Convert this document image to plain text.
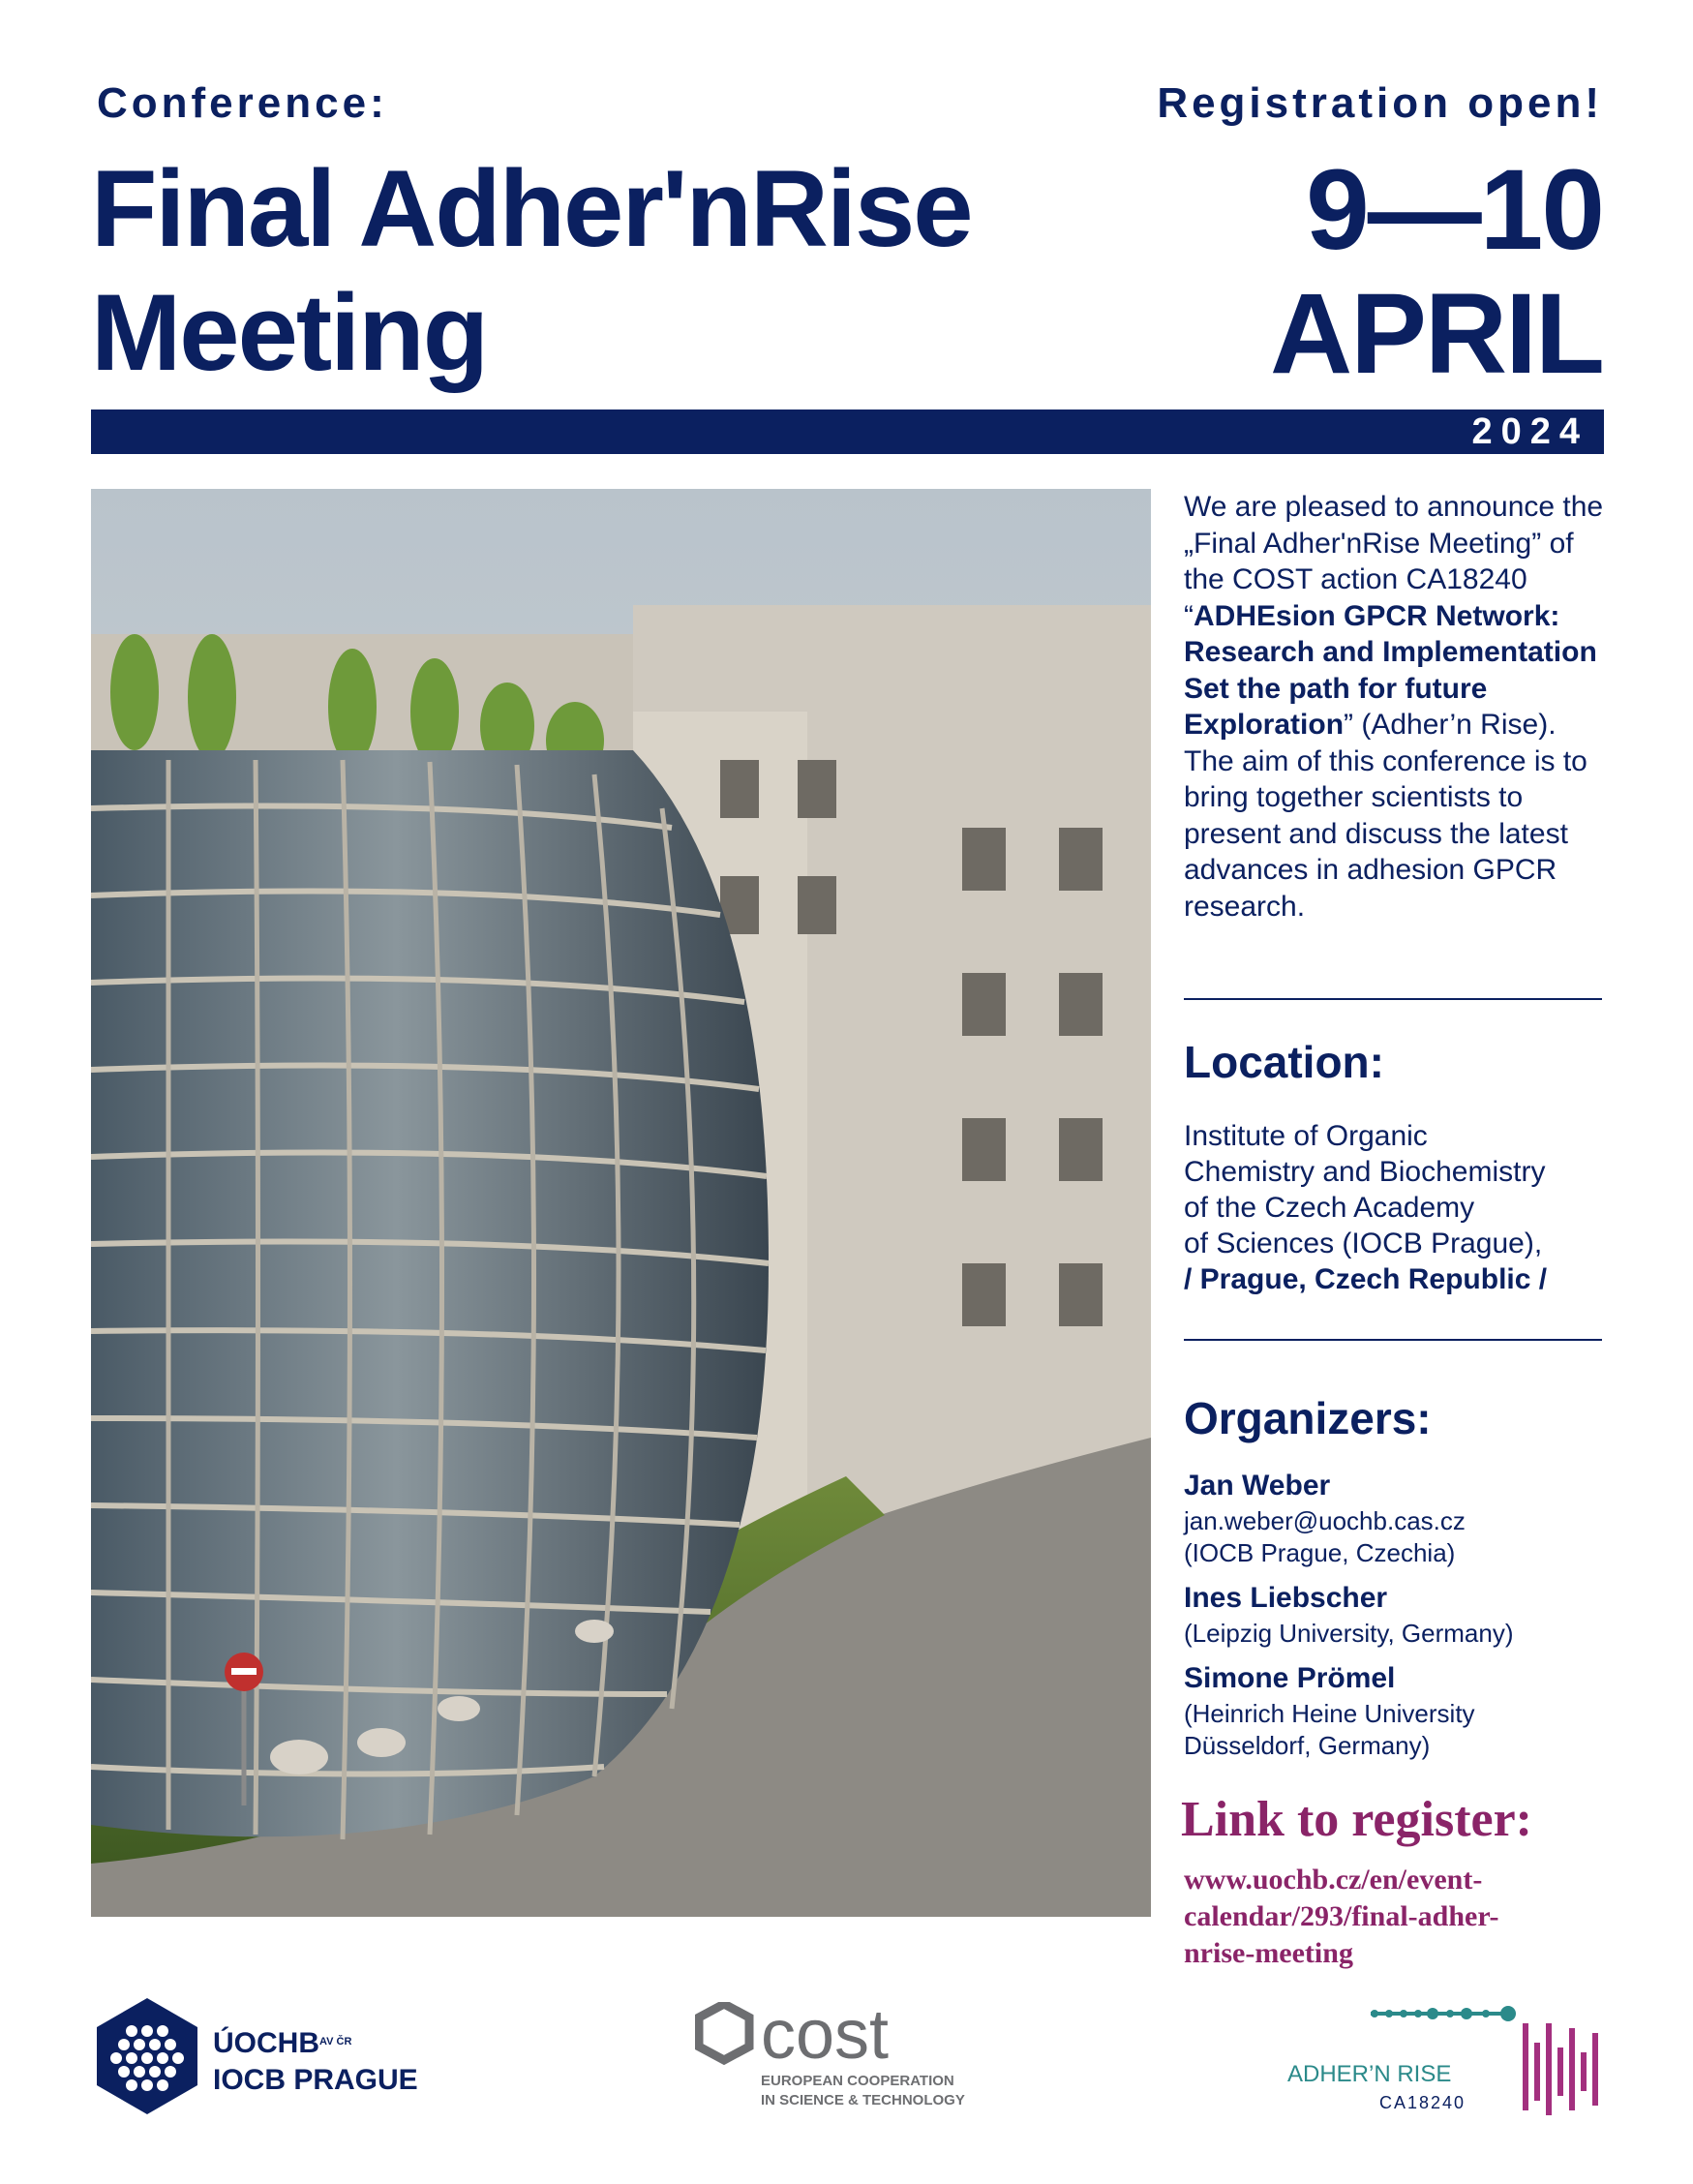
Conference:	Registration open!
Final Adher'nRise
Meeting
9—10
APRIL
2024
We are pleased to announce the „Final Adher'nRise Meeting” of the COST action CA18240 “ADHEsion GPCR Network: Research and Implementation Set the path for future Exploration” (Adher’n Rise). The aim of this conference is to bring together scientists to present and discuss the latest advances in adhesion GPCR research.
Location:
Institute of Organic
Chemistry and Biochemistry
of the Czech Academy
of Sciences (IOCB Prague),
/ Prague, Czech Republic /
Organizers:
Jan Weber
jan.weber@uochb.cas.cz
(IOCB Prague, Czechia)
Ines Liebscher
(Leipzig University, Germany)
Simone Prömel
(Heinrich Heine University
Düsseldorf, Germany)
Link to register:
www.uochb.cz/en/event-
calendar/293/final-adher-
nrise-meeting
ÚOCHB AV ČR
IOCB PRAGUE
cost
EUROPEAN COOPERATION
IN SCIENCE & TECHNOLOGY
ADHER’N RISE
CA18240
